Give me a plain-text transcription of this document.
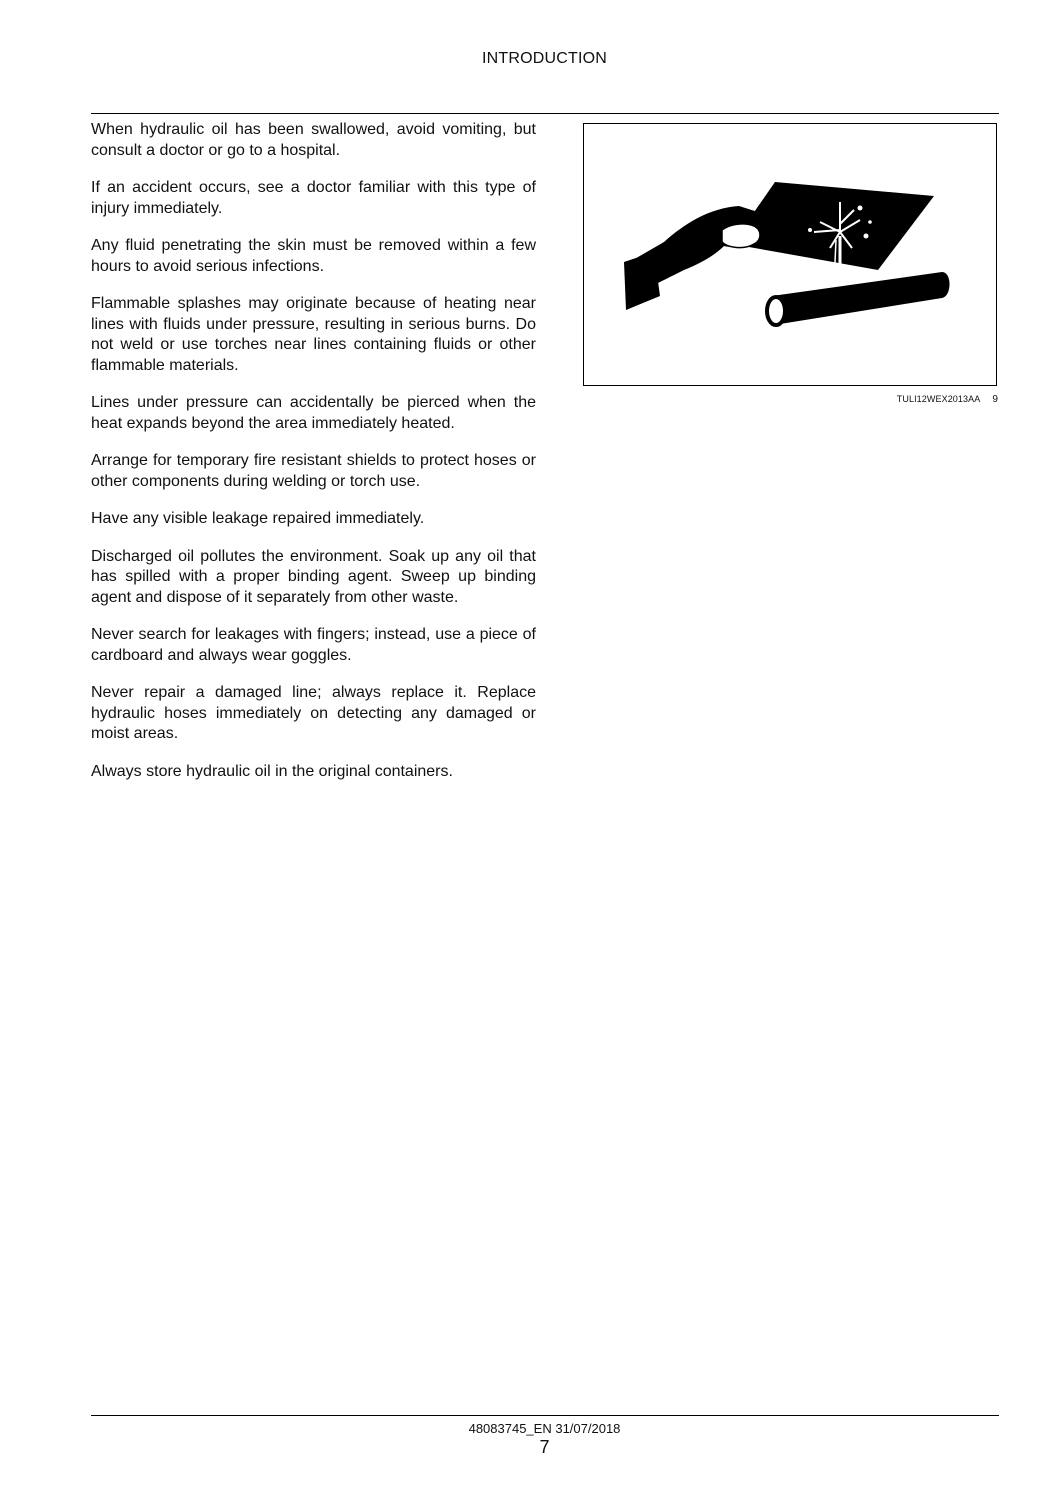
INTRODUCTION

When hydraulic oil has been swallowed, avoid vomiting, but consult a doctor or go to a hospital.

If an accident occurs, see a doctor familiar with this type of injury immediately.

Any fluid penetrating the skin must be removed within a few hours to avoid serious infections.

Flammable splashes may originate because of heating near lines with fluids under pressure, resulting in serious burns. Do not weld or use torches near lines containing fluids or other flammable materials.

Lines under pressure can accidentally be pierced when the heat expands beyond the area immediately heated.

Arrange for temporary fire resistant shields to protect hoses or other components during welding or torch use.

Have any visible leakage repaired immediately.

Discharged oil pollutes the environment. Soak up any oil that has spilled with a proper binding agent. Sweep up binding agent and dispose of it separately from other waste.

Never search for leakages with fingers; instead, use a piece of cardboard and always wear goggles.

Never repair a damaged line; always replace it. Replace hydraulic hoses immediately on detecting any damaged or moist areas.

Always store hydraulic oil in the original containers.

TULI12WEX2013AA 9
48083745_EN 31/07/2018
7
